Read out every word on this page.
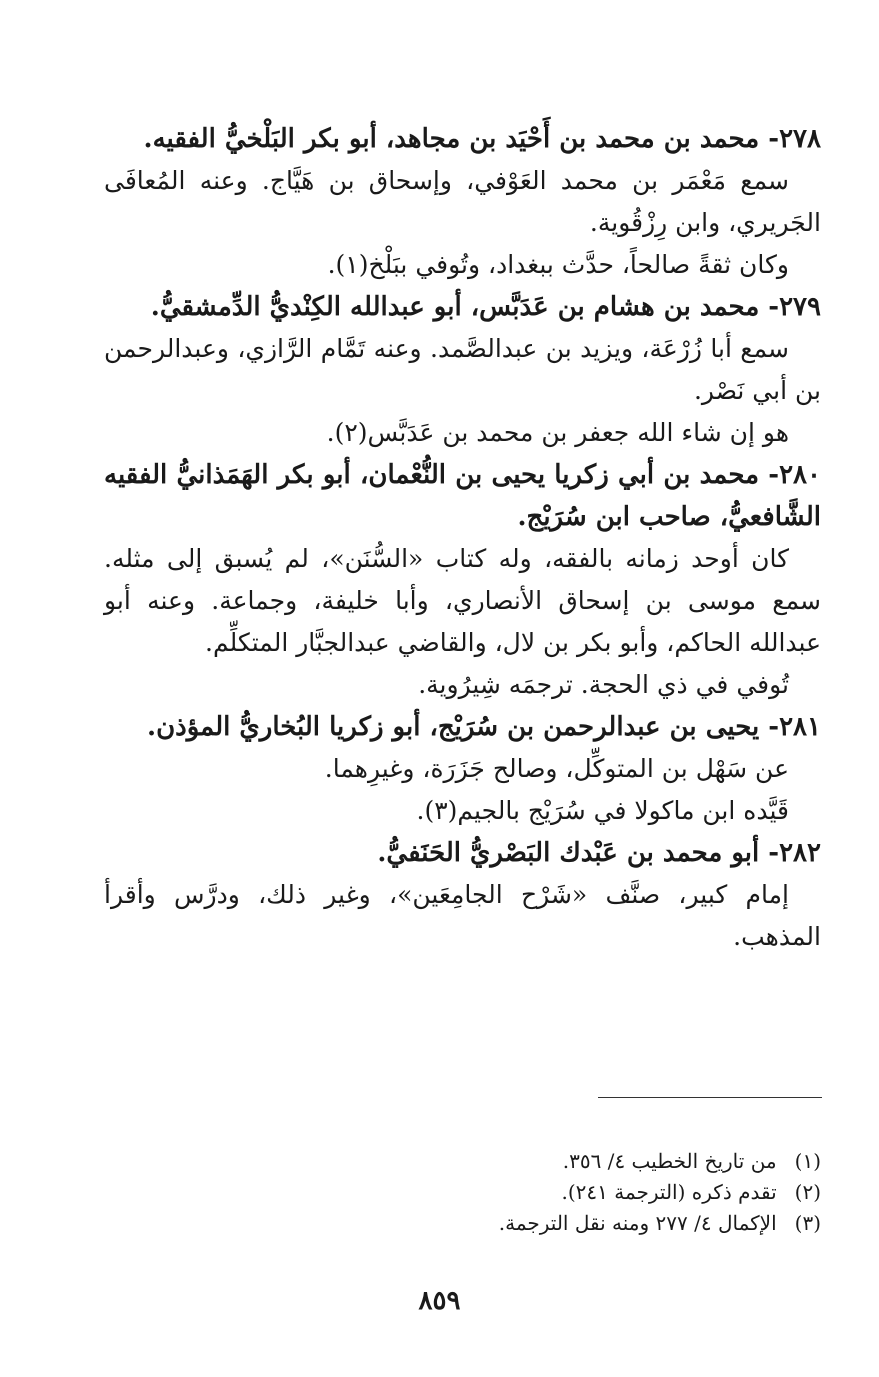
٢٧٨- محمد بن محمد بن أَحْيَد بن مجاهد، أبو بكر البَلْخيُّ الفقيه.

سمع مَعْمَر بن محمد العَوْفي، وإسحاق بن هَيَّاج. وعنه المُعافَى الجَريري، وابن رِزْقُوية.

وكان ثقةً صالحاً، حدَّث ببغداد، وتُوفي ببَلْخ(١).

٢٧٩- محمد بن هشام بن عَدَبَّس، أبو عبدالله الكِنْديُّ الدِّمشقيُّ.

سمع أبا زُرْعَة، ويزيد بن عبدالصَّمد. وعنه تَمَّام الرَّازي، وعبدالرحمن بن أبي نَصْر.

هو إن شاء الله جعفر بن محمد بن عَدَبَّس(٢).

٢٨٠- محمد بن أبي زكريا يحيى بن النُّعْمان، أبو بكر الهَمَذانيُّ الفقيه الشَّافعيُّ، صاحب ابن سُرَيْج.

كان أوحد زمانه بالفقه، وله كتاب «السُّنَن»، لم يُسبق إلى مثله. سمع موسى بن إسحاق الأنصاري، وأبا خليفة، وجماعة. وعنه أبو عبدالله الحاكم، وأبو بكر بن لال، والقاضي عبدالجبَّار المتكلِّم.

تُوفي في ذي الحجة. ترجمَه شِيرُوية.

٢٨١- يحيى بن عبدالرحمن بن سُرَيْج، أبو زكريا البُخاريُّ المؤذن.

عن سَهْل بن المتوكِّل، وصالح جَزَرَة، وغيرِهما.

قَيَّده ابن ماكولا في سُرَيْج بالجيم(٣).

٢٨٢- أبو محمد بن عَبْدك البَصْريُّ الحَنَفيُّ.

إمام كبير، صنَّف «شَرْح الجامِعَين»، وغير ذلك، ودرَّس وأقرأ المذهب.

(١) من تاريخ الخطيب ٤/ ٣٥٦.

(٢) تقدم ذكره (الترجمة ٢٤١).

(٣) الإكمال ٤/ ٢٧٧ ومنه نقل الترجمة.

٨٥٩
